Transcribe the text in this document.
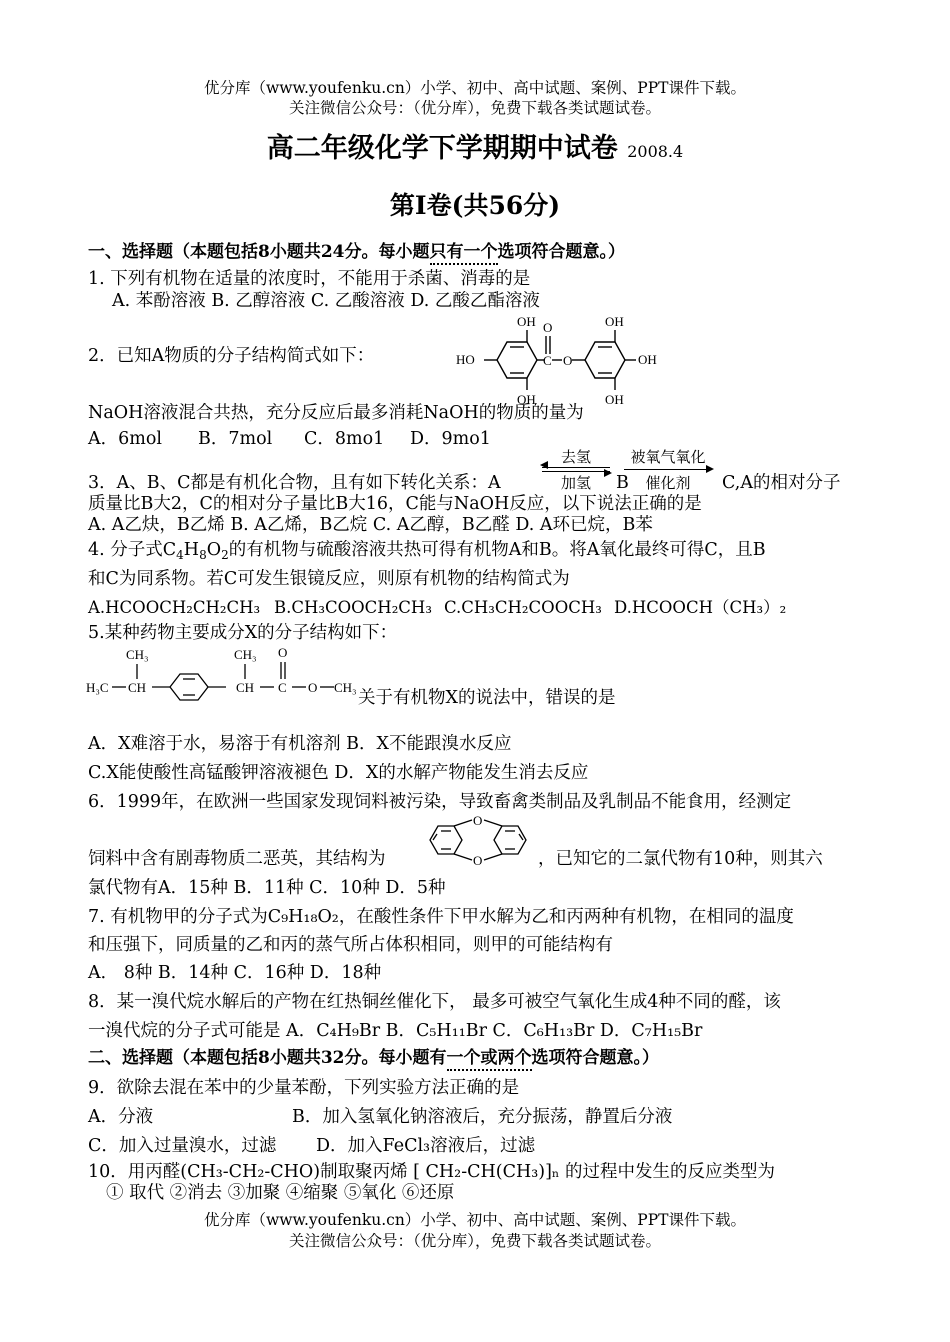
优分库（www.youfenku.cn）小学、初中、高中试题、案例、PPT课件下载。
关注微信公众号：（优分库），免费下载各类试题试卷。
高二年级化学下学期期中试卷 2008.4
第I卷(共56分)
一、选择题（本题包括8小题共24分。每小题只有一个选项符合题意。）
1. 下列有机物在适量的浓度时，不能用于杀菌、消毒的是
A. 苯酚溶液 B. 乙醇溶液 C. 乙酸溶液 D. 乙酸乙酯溶液
2．已知A物质的分子结构简式如下：
OH
HO
OH
O
C O
OH
OH
OH
NaOH溶液混合共热，充分反应后最多消耗NaOH的物质的量为
A．6mol B．7mol C．8mo1 D．9mo1
3．A、B、C都是有机化合物，且有如下转化关系：A
去氢
加氢	B
被氧气氧化
催化剂	C,A的相对分子
质量比B大2，C的相对分子量比B大16，C能与NaOH反应，以下说法正确的是
A. A乙炔，B乙烯 B. A乙烯，B乙烷 C. A乙醇，B乙醛 D. A环已烷，B苯
4. 分子式$C_4H_8O_2$的有机物与硫酸溶液共热可得有机物A和B。将A氧化最终可得C，且B
和C为同系物。若C可发生银镜反应，则原有机物的结构简式为
A.HCOOCH₂CH₂CH₃ B.CH₃COOCH₂CH₃ C.CH₃CH₂COOCH₃ D.HCOOCH（CH₃）₂
5.某种药物主要成分X的分子结构如下：
CH₃
H₃C CH
CH₃
CH
O
C O CH₃
关于有机物X的说法中，错误的是
A．X难溶于水，易溶于有机溶剂 B．X不能跟溴水反应
C.X能使酸性高锰酸钾溶液褪色 D．X的水解产物能发生消去反应
6．1999年，在欧洲一些国家发现饲料被污染，导致畜禽类制品及乳制品不能食用，经测定
饲料中含有剧毒物质二恶英，其结构为
O
O	，已知它的二氯代物有10种，则其六
氯代物有A．15种 B．11种 C．10种 D．5种
7. 有机物甲的分子式为C₉H₁₈O₂，在酸性条件下甲水解为乙和丙两种有机物，在相同的温度
和压强下，同质量的乙和丙的蒸气所占体积相同，则甲的可能结构有
A． 8种 B．14种 C．16种 D．18种
8．某一溴代烷水解后的产物在红热铜丝催化下， 最多可被空气氧化生成4种不同的醛，该
一溴代烷的分子式可能是 A．C₄H₉Br B．C₅H₁₁Br C．C₆H₁₃Br D．C₇H₁₅Br
二、选择题（本题包括8小题共32分。每小题有一个或两个选项符合题意。）
9．欲除去混在苯中的少量苯酚，下列实验方法正确的是
A．分液	B．加入氢氧化钠溶液后，充分振荡，静置后分液
C．加入过量溴水，过滤 D．加入FeCl₃溶液后，过滤
10．用丙醛(CH₃-CH₂-CHO)制取聚丙烯 [ CH₂-CH(CH₃)]ₙ 的过程中发生的反应类型为
① 取代 ②消去 ③加聚 ④缩聚 ⑤氧化 ⑥还原
优分库（www.youfenku.cn）小学、初中、高中试题、案例、PPT课件下载。
关注微信公众号：（优分库），免费下载各类试题试卷。
